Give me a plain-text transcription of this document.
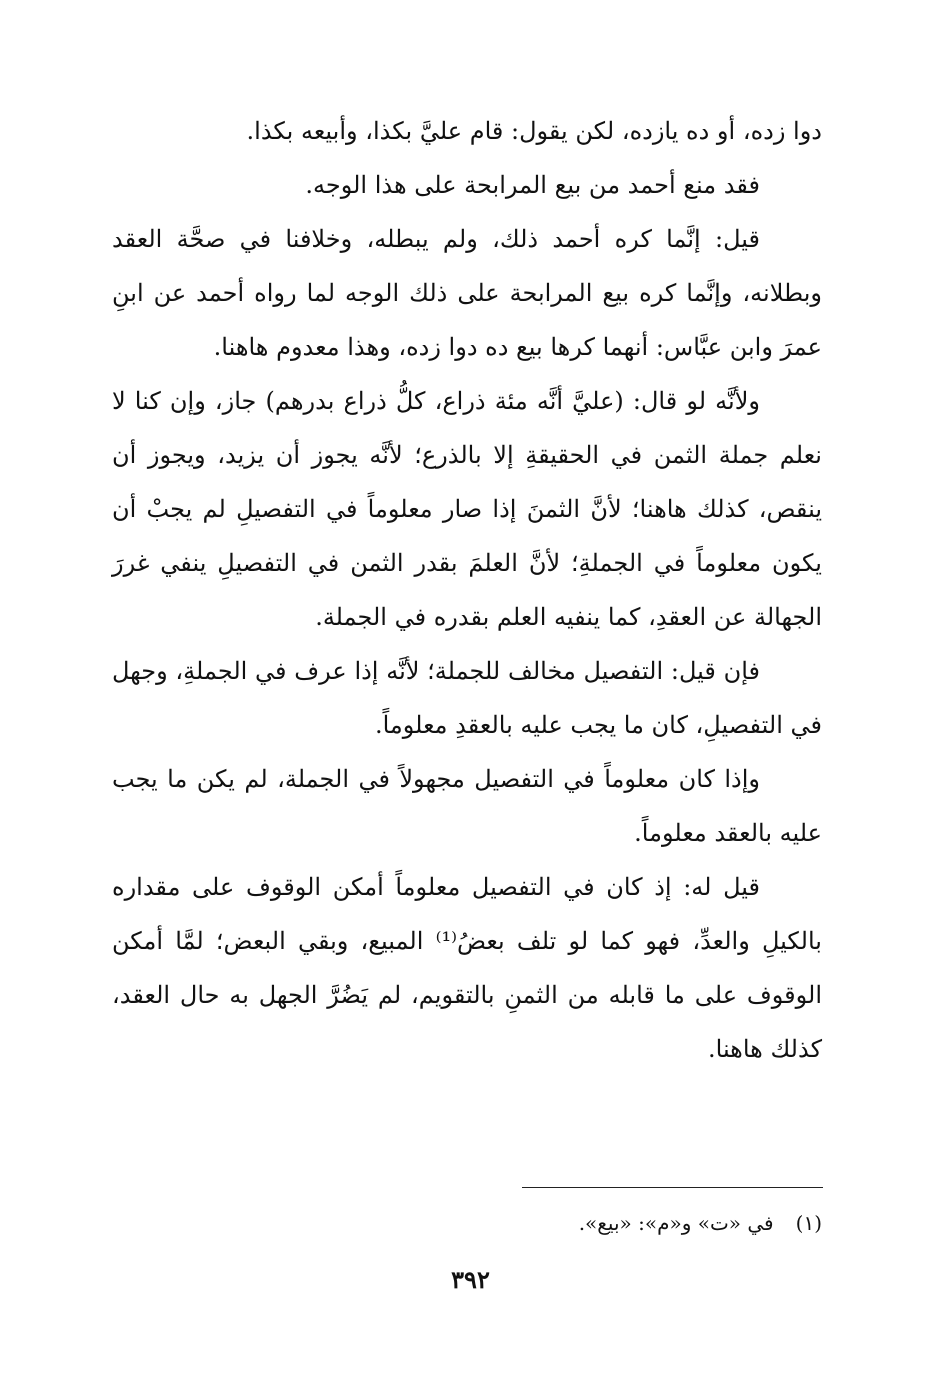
دوا زده، أو ده يازده، لكن يقول: قام عليَّ بكذا، وأبيعه بكذا.

فقد منع أحمد من بيع المرابحة على هذا الوجه.

قيل: إنَّما كره أحمد ذلك، ولم يبطله، وخلافنا في صحَّة العقد وبطلانه، وإنَّما كره بيع المرابحة على ذلك الوجه لما رواه أحمد عن ابنِ عمرَ وابن عبَّاس: أنهما كرها بيع ده دوا زده، وهذا معدوم هاهنا.

ولأنَّه لو قال: (عليَّ أنَّه مئة ذراع، كلُّ ذراع بدرهم) جاز، وإن كنا لا نعلم جملة الثمن في الحقيقةِ إلا بالذرع؛ لأنَّه يجوز أن يزيد، ويجوز أن ينقص، كذلك هاهنا؛ لأنَّ الثمنَ إذا صار معلوماً في التفصيلِ لم يجبْ أن يكون معلوماً في الجملةِ؛ لأنَّ العلمَ بقدر الثمن في التفصيلِ ينفي غررَ الجهالة عن العقدِ، كما ينفيه العلم بقدره في الجملة.

فإن قيل: التفصيل مخالف للجملة؛ لأنَّه إذا عرف في الجملةِ، وجهل في التفصيلِ، كان ما يجب عليه بالعقدِ معلوماً.

وإذا كان معلوماً في التفصيل مجهولاً في الجملة، لم يكن ما يجب عليه بالعقد معلوماً.

قيل له: إذ كان في التفصيل معلوماً أمكن الوقوف على مقداره بالكيلِ والعدِّ، فهو كما لو تلف بعضُ⁽¹⁾ المبيع، وبقي البعض؛ لمَّا أمكن الوقوف على ما قابله من الثمنِ بالتقويم، لم يَضُرَّ الجهل به حال العقد، كذلك هاهنا.

(١)في «ت» و«م»: «بيع».
٣٩٢
